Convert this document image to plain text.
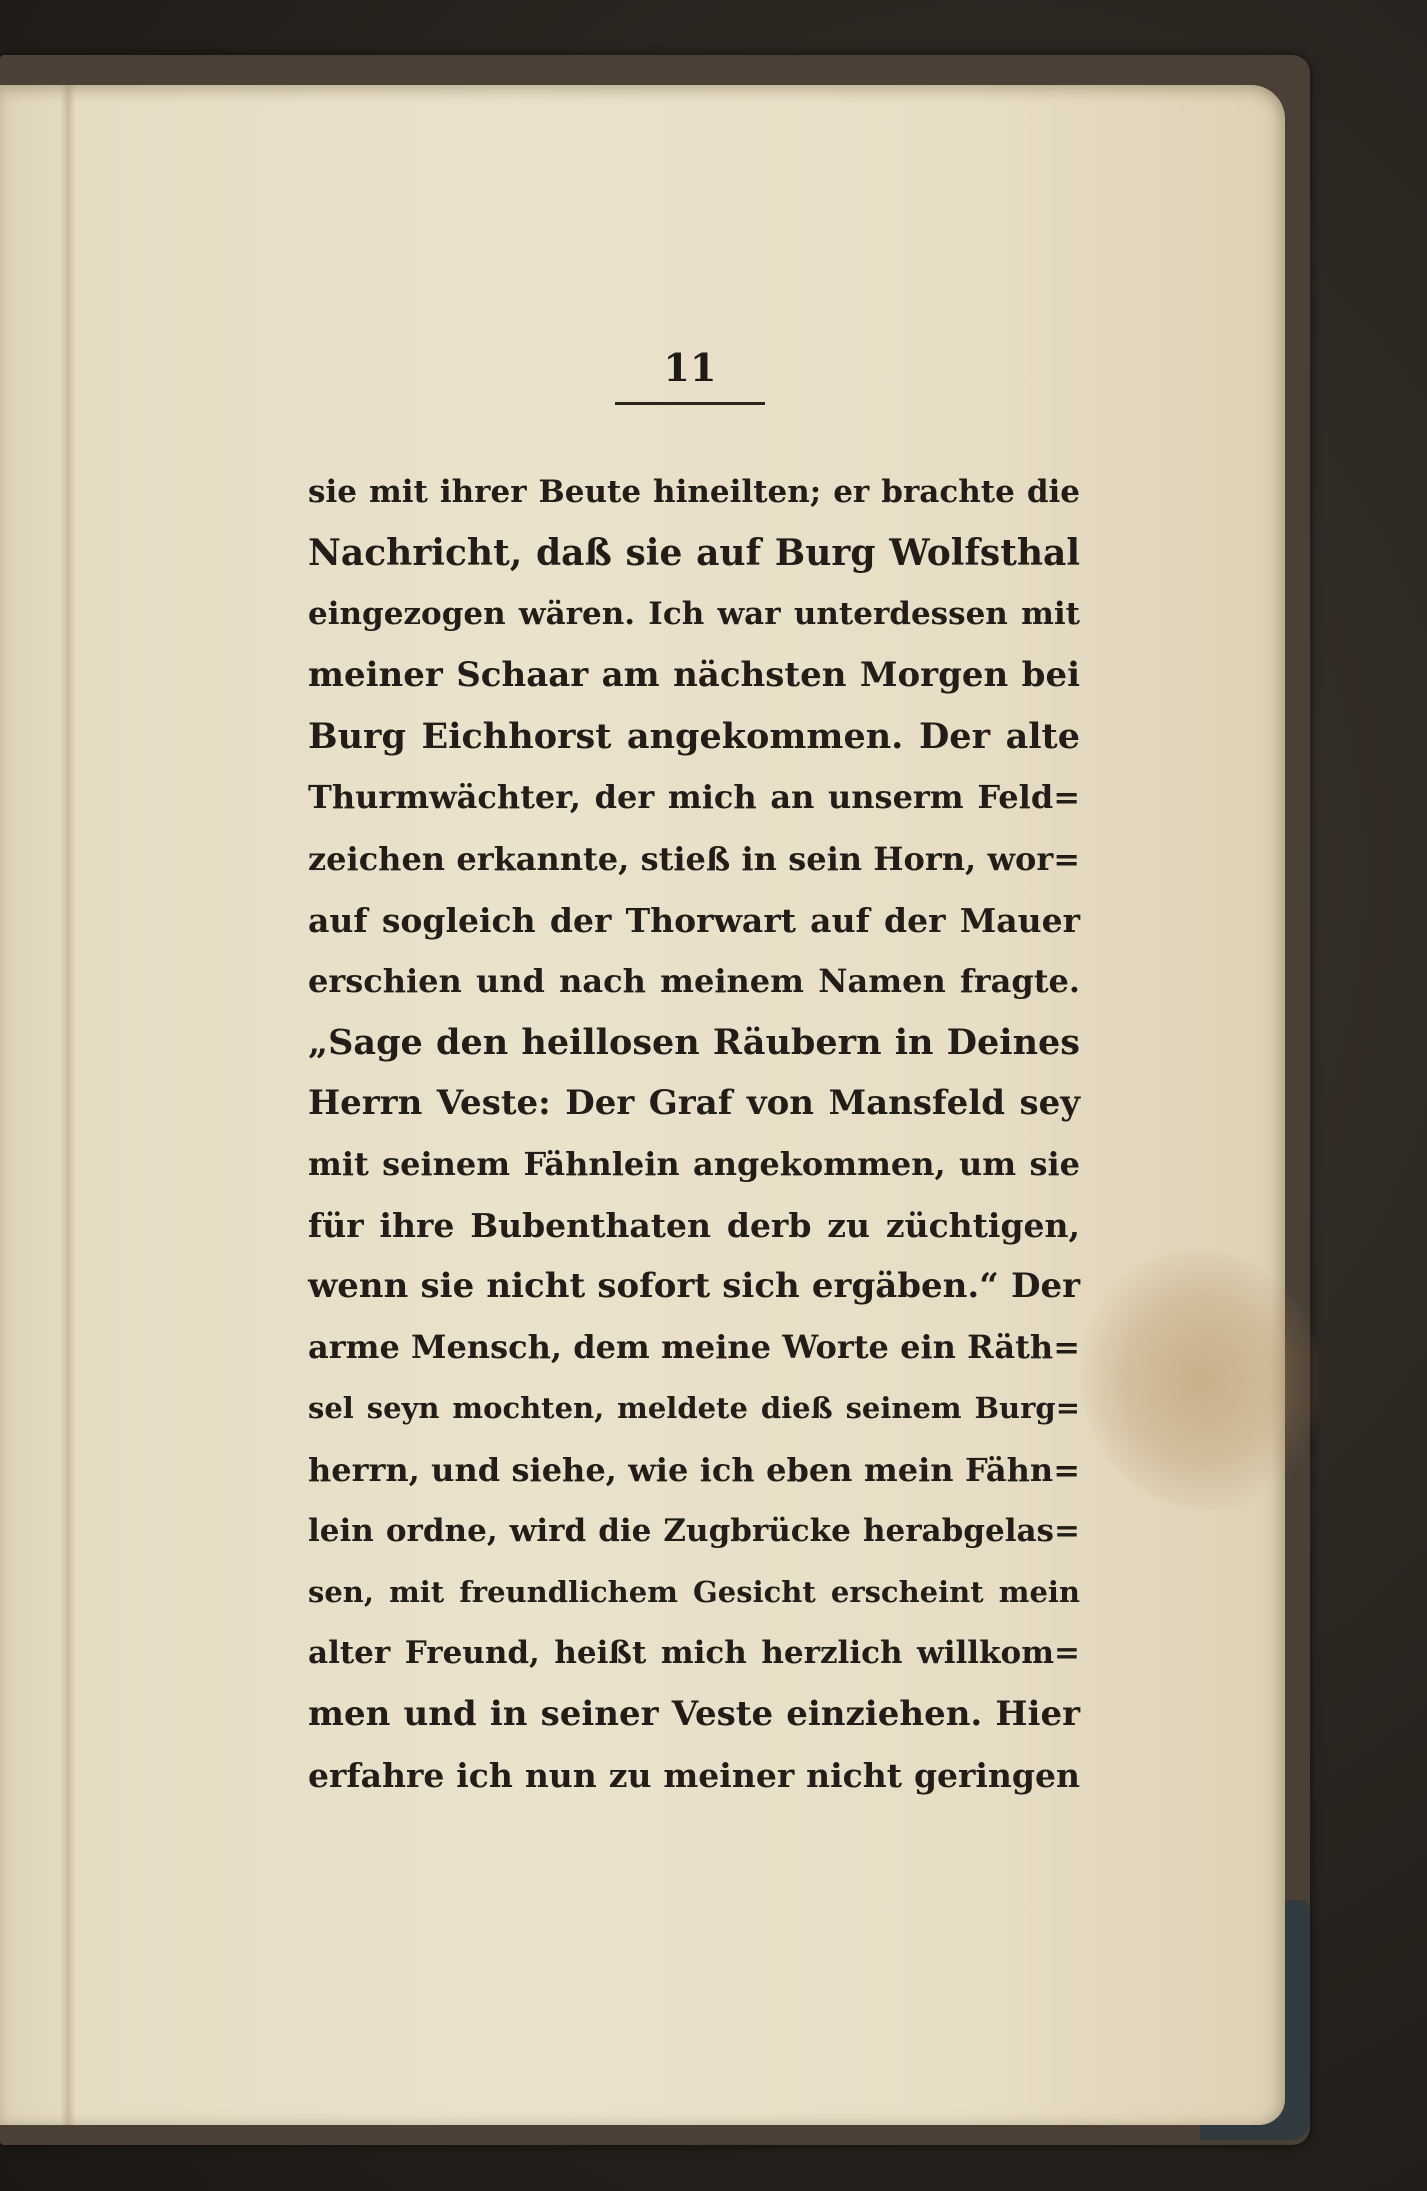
11
sie mit ihrer Beute hineilten; er brachte die
Nachricht, daß sie auf Burg Wolfsthal
eingezogen wären. Ich war unterdessen mit
meiner Schaar am nächsten Morgen bei
Burg Eichhorst angekommen. Der alte
Thurmwächter, der mich an unserm Feld=
zeichen erkannte, stieß in sein Horn, wor=
auf sogleich der Thorwart auf der Mauer
erschien und nach meinem Namen fragte.
„Sage den heillosen Räubern in Deines
Herrn Veste: Der Graf von Mansfeld sey
mit seinem Fähnlein angekommen, um sie
für ihre Bubenthaten derb zu züchtigen,
wenn sie nicht sofort sich ergäben.“ Der
arme Mensch, dem meine Worte ein Räth=
sel seyn mochten, meldete dieß seinem Burg=
herrn, und siehe, wie ich eben mein Fähn=
lein ordne, wird die Zugbrücke herabgelas=
sen, mit freundlichem Gesicht erscheint mein
alter Freund, heißt mich herzlich willkom=
men und in seiner Veste einziehen. Hier
erfahre ich nun zu meiner nicht geringen
